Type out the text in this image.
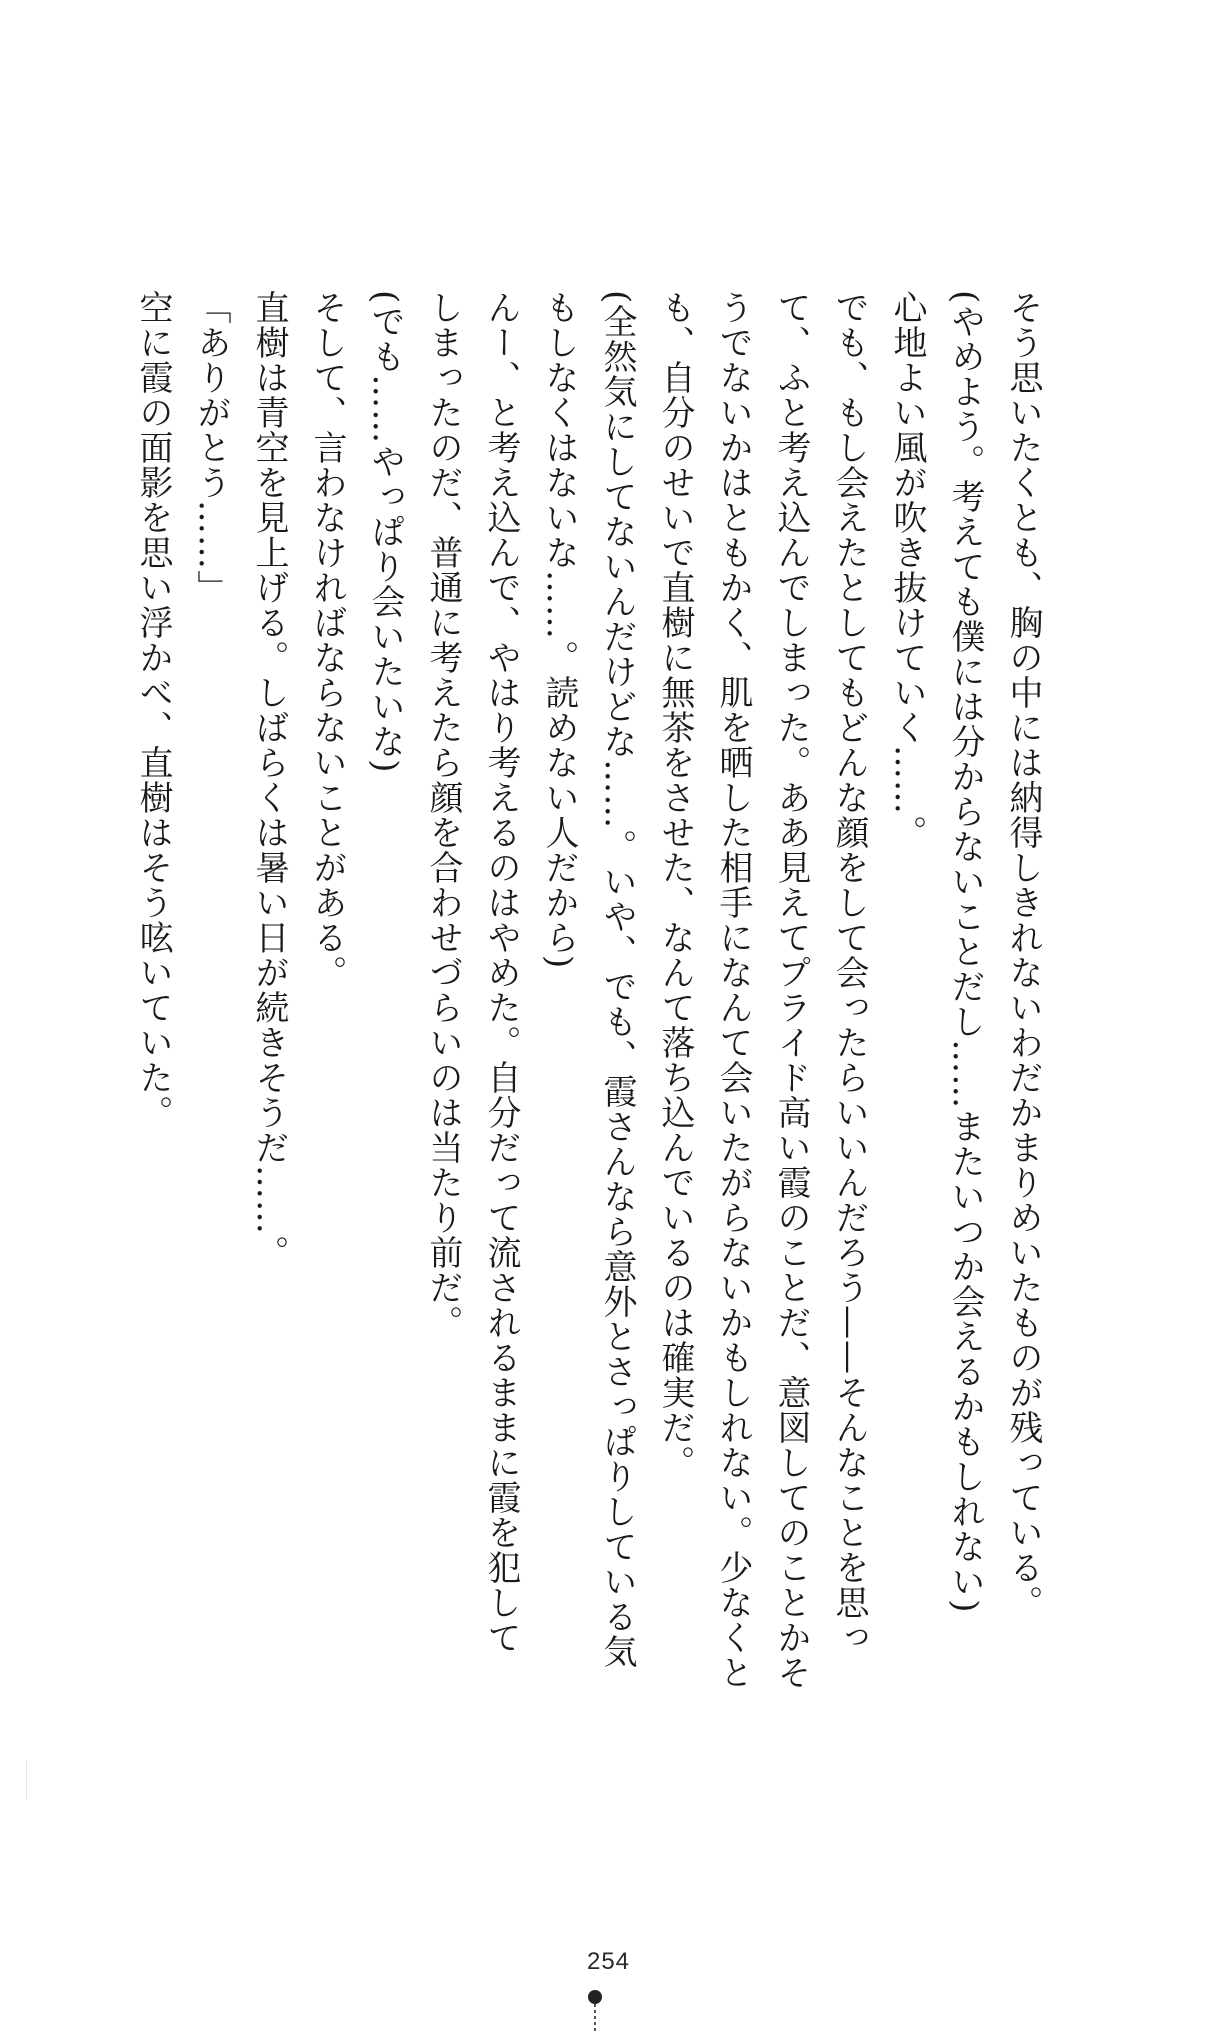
そう思いたくとも、胸の中には納得しきれないわだかまりめいたものが残っている。
(やめよう。考えても僕には分からないことだし……またいつか会えるかもしれない)
心地よい風が吹き抜けていく……。
でも、もし会えたとしてもどんな顔をして会ったらいいんだろう——そんなことを思っ
て、ふと考え込んでしまった。ああ見えてプライド高い霞のことだ、意図してのことかそ
うでないかはともかく、肌を晒した相手になんて会いたがらないかもしれない。少なくと
も、自分のせいで直樹に無茶をさせた、なんて落ち込んでいるのは確実だ。
(全然気にしてないんだけどな……。いや、でも、霞さんなら意外とさっぱりしている気
もしなくはないな……。読めない人だから)
んー、と考え込んで、やはり考えるのはやめた。自分だって流されるままに霞を犯して
しまったのだ、普通に考えたら顔を合わせづらいのは当たり前だ。
(でも……やっぱり会いたいな)
そして、言わなければならないことがある。
直樹は青空を見上げる。しばらくは暑い日が続きそうだ……。
「ありがとう……」
空に霞の面影を思い浮かべ、直樹はそう呟いていた。
254
